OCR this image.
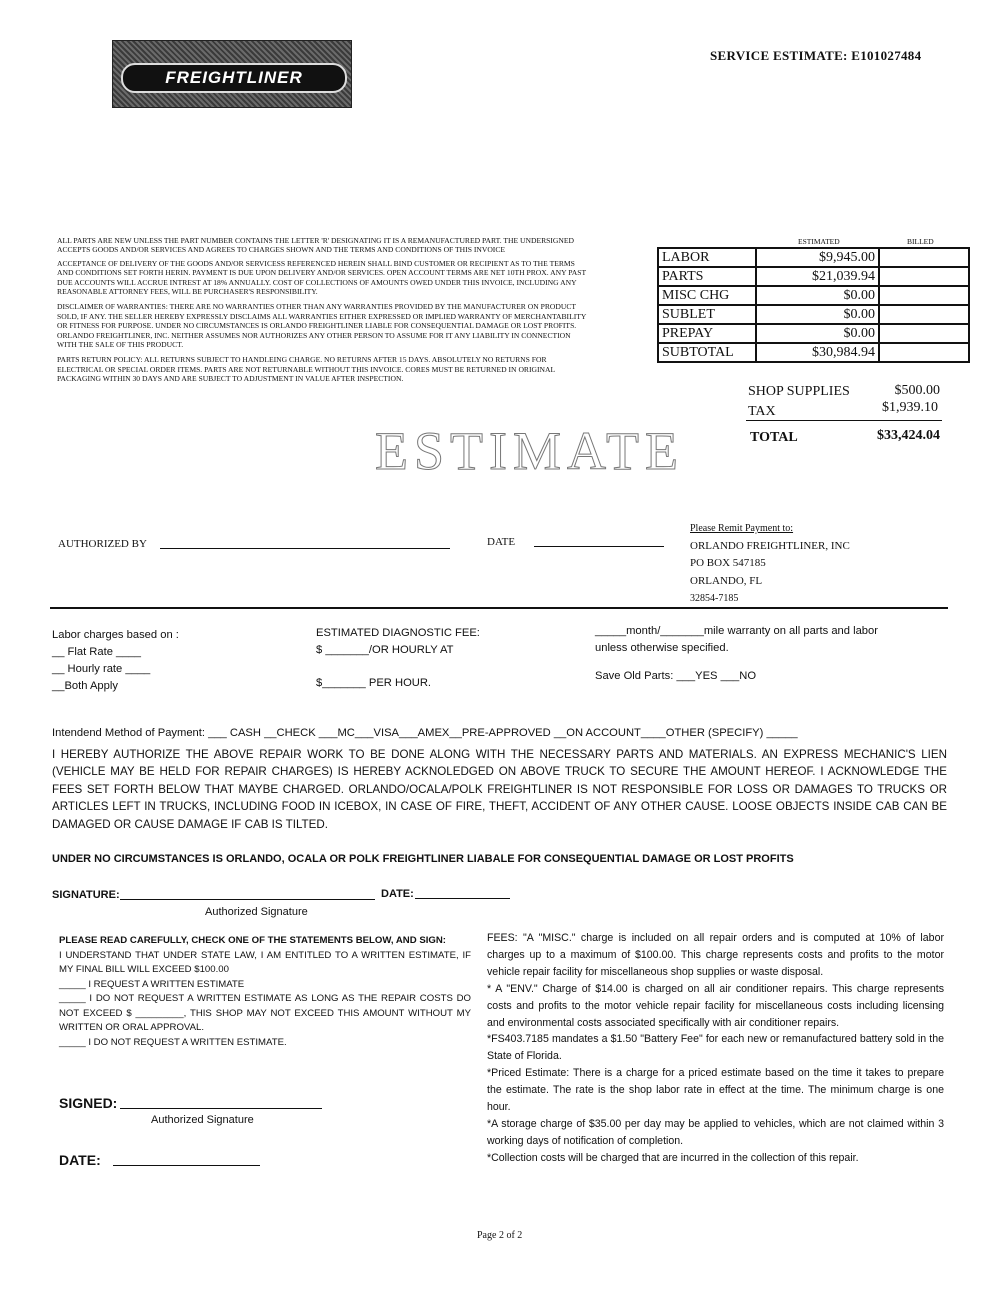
FREIGHTLINER
SERVICE ESTIMATE: E101027484

ALL PARTS ARE NEW UNLESS THE PART NUMBER CONTAINS THE LETTER 'R' DESIGNATING IT IS A REMANUFACTURED PART. THE UNDERSIGNED ACCEPTS GOODS AND/OR SERVICES AND AGREES TO CHARGES SHOWN AND THE TERMS AND CONDITIONS OF THIS INVOICE

ACCEPTANCE OF DELIVERY OF THE GOODS AND/OR SERVICESS REFERENCED HEREIN SHALL BIND CUSTOMER OR RECIPIENT AS TO THE TERMS AND CONDITIONS SET FORTH HERIN. PAYMENT IS DUE UPON DELIVERY AND/OR SERVICES. OPEN ACCOUNT TERMS ARE NET 10TH PROX. ANY PAST DUE ACCOUNTS WILL ACCRUE INTREST AT 18% ANNUALLY. COST OF COLLECTIONS OF AMOUNTS OWED UNDER THIS INVOICE, INCLUDING ANY REASONABLE ATTORNEY FEES, WILL BE PURCHASER'S RESPONSIBILITY.

DISCLAIMER OF WARRANTIES: THERE ARE NO WARRANTIES OTHER THAN ANY WARRANTIES PROVIDED BY THE MANUFACTURER ON PRODUCT SOLD, IF ANY. THE SELLER HEREBY EXPRESSLY DISCLAIMS ALL WARRANTIES EITHER EXPRESSED OR IMPLIED WARRANTY OF MERCHANTABILITY OR FITNESS FOR PURPOSE. UNDER NO CIRCUMSTANCES IS ORLANDO FREIGHTLINER LIABLE FOR CONSEQUENTIAL DAMAGE OR LOST PROFITS. ORLANDO FREIGHTLINER, INC. NEITHER ASSUMES NOR AUTHORIZES ANY OTHER PERSON TO ASSUME FOR IT ANY LIABILITY IN CONNECTION WITH THE SALE OF THIS PRODUCT.

PARTS RETURN POLICY: ALL RETURNS SUBJECT TO HANDLEING CHARGE. NO RETURNS AFTER 15 DAYS. ABSOLUTELY NO RETURNS FOR ELECTRICAL OR SPECIAL ORDER ITEMS. PARTS ARE NOT RETURNABLE WITHOUT THIS INVOICE. CORES MUST BE RETURNED IN ORIGINAL PACKAGING WITHIN 30 DAYS AND ARE SUBJECT TO ADJUSTMENT IN VALUE AFTER INSPECTION.

ESTIMATED	BILLED
LABOR	$9,945.00	
PARTS	$21,039.94	
MISC CHG	$0.00	
SUBLET	$0.00	
PREPAY	$0.00	
SUBTOTAL	$30,984.94	
SHOP SUPPLIES	$500.00
TAX	$1,939.10
TOTAL	$33,424.04
ESTIMATE
AUTHORIZED BY	DATE
Please Remit Payment to:
ORLANDO FREIGHTLINER, INC
PO BOX 547185
ORLANDO, FL
32854-7185
Labor charges based on :
__ Flat Rate ____
__ Hourly rate ____
__Both Apply
ESTIMATED DIAGNOSTIC FEE:
$ _______/OR HOURLY AT
$_______ PER HOUR.
_____month/_______mile warranty on all parts and labor
unless otherwise specified.
Save Old Parts: ___YES ___NO
Intendend Method of Payment: ___ CASH __CHECK ___MC___VISA___AMEX__PRE-APPROVED __ON ACCOUNT____OTHER (SPECIFY) _____
I HEREBY AUTHORIZE THE ABOVE REPAIR WORK TO BE DONE ALONG WITH THE NECESSARY PARTS AND MATERIALS. AN EXPRESS MECHANIC'S LIEN (VEHICLE MAY BE HELD FOR REPAIR CHARGES) IS HEREBY ACKNOLEDGED ON ABOVE TRUCK TO SECURE THE AMOUNT HEREOF. I ACKNOWLEDGE THE FEES SET FORTH BELOW THAT MAYBE CHARGED. ORLANDO/OCALA/POLK FREIGHTLINER IS NOT RESPONSIBLE FOR LOSS OR DAMAGES TO TRUCKS OR ARTICLES LEFT IN TRUCKS, INCLUDING FOOD IN ICEBOX, IN CASE OF FIRE, THEFT, ACCIDENT OF ANY OTHER CAUSE. LOOSE OBJECTS INSIDE CAB CAN BE DAMAGED OR CAUSE DAMAGE IF CAB IS TILTED.
UNDER NO CIRCUMSTANCES IS ORLANDO, OCALA OR POLK FREIGHTLINER LIABALE FOR CONSEQUENTIAL DAMAGE OR LOST PROFITS
SIGNATURE:	DATE:
Authorized Signature

PLEASE READ CAREFULLY, CHECK ONE OF THE STATEMENTS BELOW, AND SIGN:

I UNDERSTAND THAT UNDER STATE LAW, I AM ENTITLED TO A WRITTEN ESTIMATE, IF MY FINAL BILL WILL EXCEED $100.00

_____ I REQUEST A WRITTEN ESTIMATE

_____ I DO NOT REQUEST A WRITTEN ESTIMATE AS LONG AS THE REPAIR COSTS DO NOT EXCEED $ _________, THIS SHOP MAY NOT EXCEED THIS AMOUNT WITHOUT MY WRITTEN OR ORAL APPROVAL.

_____ I DO NOT REQUEST A WRITTEN ESTIMATE.

SIGNED:
Authorized Signature
DATE:

FEES: "A "MISC." charge is included on all repair orders and is computed at 10% of labor charges up to a maximum of $100.00. This charge represents costs and profits to the motor vehicle repair facility for miscellaneous shop supplies or waste disposal.

* A "ENV." Charge of $14.00 is charged on all air conditioner repairs. This charge represents costs and profits to the motor vehicle repair facility for miscellaneous costs including licensing and environmental costs associated specifically with air conditioner repairs.

*FS403.7185 mandates a $1.50 "Battery Fee" for each new or remanufactured battery sold in the State of Florida.

*Priced Estimate: There is a charge for a priced estimate based on the time it takes to prepare the estimate. The rate is the shop labor rate in effect at the time. The minimum charge is one hour.

*A storage charge of $35.00 per day may be applied to vehicles, which are not claimed within 3 working days of notification of completion.

*Collection costs will be charged that are incurred in the collection of this repair.

Page 2 of 2
